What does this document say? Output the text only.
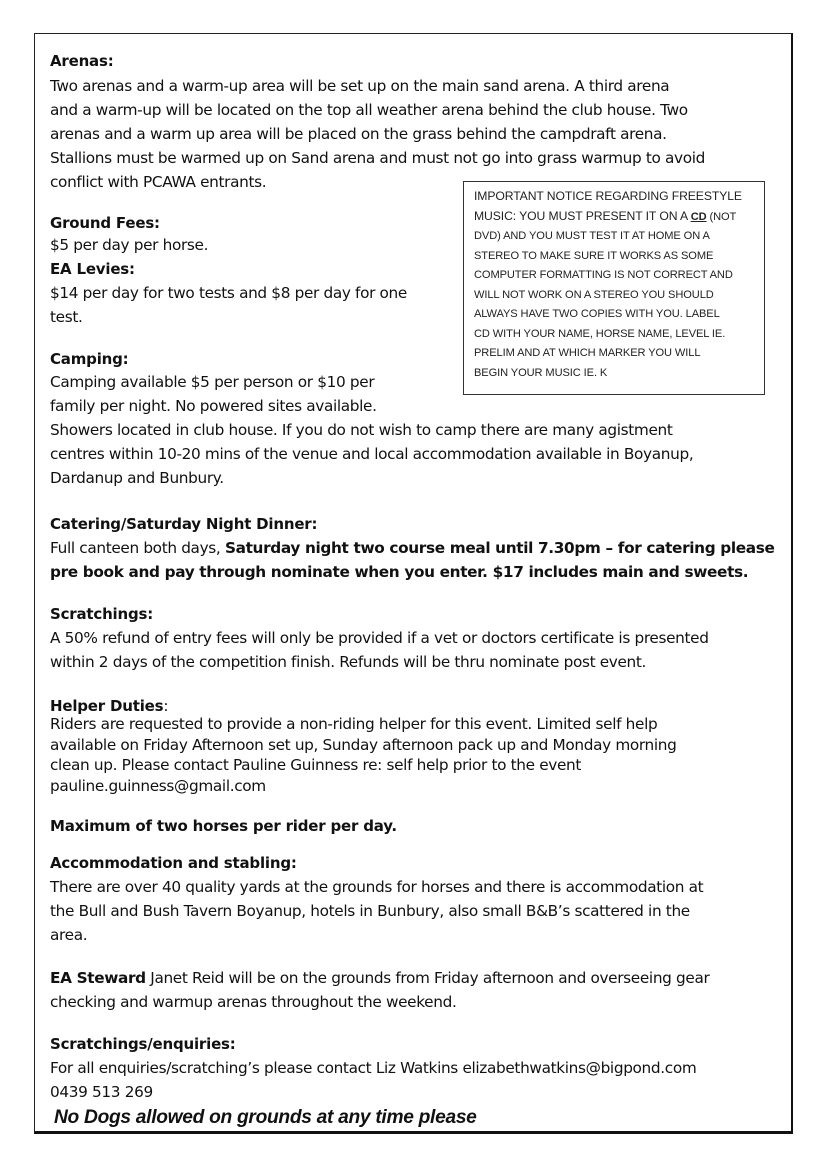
Arenas:
Two arenas and a warm-up area will be set up on the main sand arena. A third arena
and a warm-up will be located on the top all weather arena behind the club house. Two
arenas and a warm up area will be placed on the grass behind the campdraft arena.
Stallions must be warmed up on Sand arena and must not go into grass warmup to avoid
conflict with PCAWA entrants.
IMPORTANT NOTICE REGARDING FREESTYLE
MUSIC: YOU MUST PRESENT IT ON A CD (NOT
DVD) AND YOU MUST TEST IT AT HOME ON A
STEREO TO MAKE SURE IT WORKS AS SOME
COMPUTER FORMATTING IS NOT CORRECT AND
WILL NOT WORK ON A STEREO YOU SHOULD
ALWAYS HAVE TWO COPIES WITH YOU. LABEL
CD WITH YOUR NAME, HORSE NAME, LEVEL IE.
PRELIM AND AT WHICH MARKER YOU WILL
BEGIN YOUR MUSIC IE. K
Ground Fees:
$5 per day per horse.
EA Levies:
$14 per day for two tests and $8 per day for one
test.
Camping:
Camping available $5 per person or $10 per
family per night. No powered sites available.
Showers located in club house. If you do not wish to camp there are many agistment
centres within 10-20 mins of the venue and local accommodation available in Boyanup,
Dardanup and Bunbury.
Catering/Saturday Night Dinner:
Full canteen both days, Saturday night two course meal until 7.30pm – for catering please
pre book and pay through nominate when you enter. $17 includes main and sweets.
Scratchings:
A 50% refund of entry fees will only be provided if a vet or doctors certificate is presented
within 2 days of the competition finish. Refunds will be thru nominate post event.
Helper Duties:
Riders are requested to provide a non-riding helper for this event. Limited self help
available on Friday Afternoon set up, Sunday afternoon pack up and Monday morning
clean up. Please contact Pauline Guinness re: self help prior to the event
pauline.guinness@gmail.com
Maximum of two horses per rider per day.
Accommodation and stabling:
There are over 40 quality yards at the grounds for horses and there is accommodation at
the Bull and Bush Tavern Boyanup, hotels in Bunbury, also small B&B’s scattered in the
area.
EA Steward Janet Reid will be on the grounds from Friday afternoon and overseeing gear
checking and warmup arenas throughout the weekend.
Scratchings/enquiries:
For all enquiries/scratching’s please contact Liz Watkins elizabethwatkins@bigpond.com
0439 513 269
No Dogs allowed on grounds at any time please
